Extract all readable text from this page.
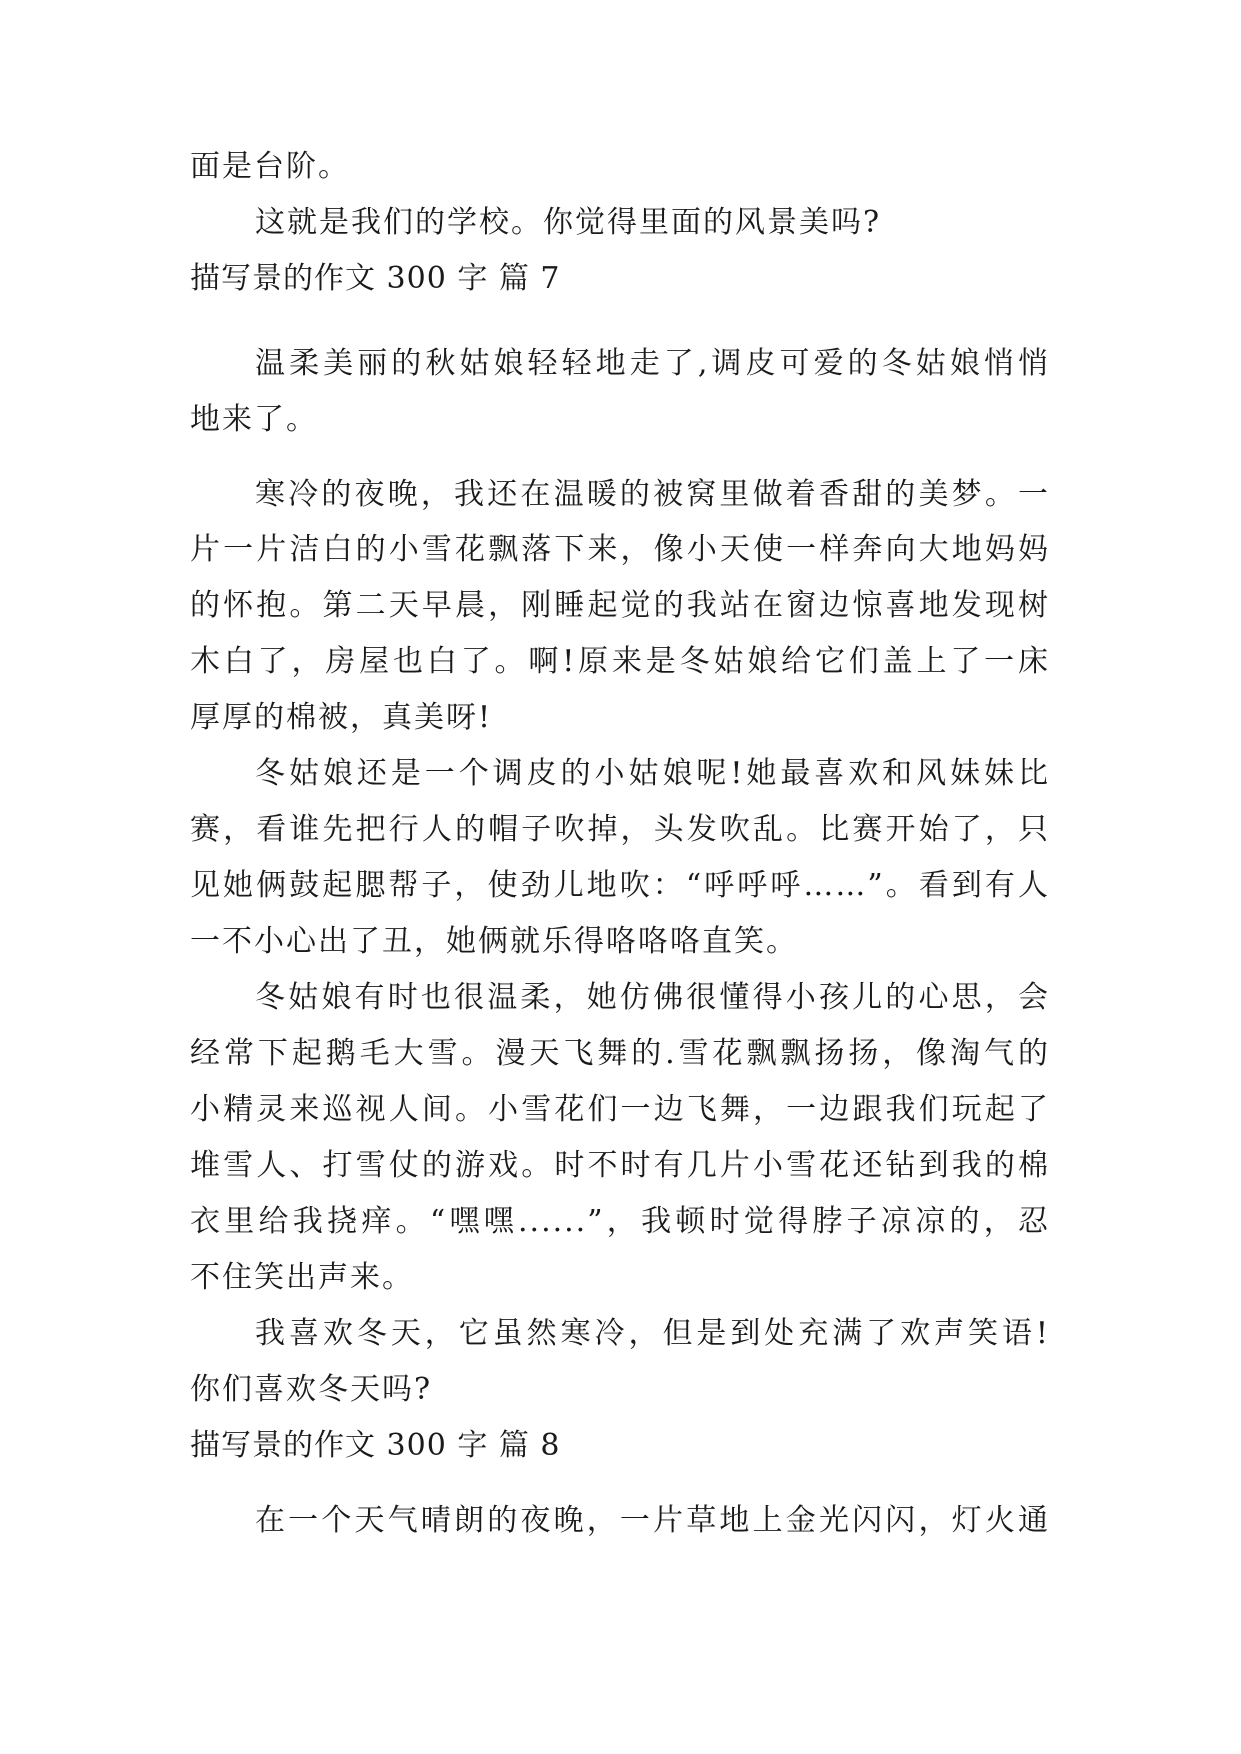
面是台阶。
这就是我们的学校。你觉得里面的风景美吗?
描写景的作文 300 字 篇 7
温柔美丽的秋姑娘轻轻地走了,调皮可爱的冬姑娘悄悄
地来了。
寒冷的夜晚，我还在温暖的被窝里做着香甜的美梦。一
片一片洁白的小雪花飘落下来，像小天使一样奔向大地妈妈
的怀抱。第二天早晨，刚睡起觉的我站在窗边惊喜地发现树
木白了，房屋也白了。啊!原来是冬姑娘给它们盖上了一床
厚厚的棉被，真美呀!
冬姑娘还是一个调皮的小姑娘呢!她最喜欢和风妹妹比
赛，看谁先把行人的帽子吹掉，头发吹乱。比赛开始了，只
见她俩鼓起腮帮子，使劲儿地吹：“呼呼呼……”。看到有人
一不小心出了丑，她俩就乐得咯咯咯直笑。
冬姑娘有时也很温柔，她仿佛很懂得小孩儿的心思，会
经常下起鹅毛大雪。漫天飞舞的.雪花飘飘扬扬，像淘气的
小精灵来巡视人间。小雪花们一边飞舞，一边跟我们玩起了
堆雪人、打雪仗的游戏。时不时有几片小雪花还钻到我的棉
衣里给我挠痒。“嘿嘿......”，我顿时觉得脖子凉凉的，忍
不住笑出声来。
我喜欢冬天，它虽然寒冷，但是到处充满了欢声笑语!
你们喜欢冬天吗?
描写景的作文 300 字 篇 8
在一个天气晴朗的夜晚，一片草地上金光闪闪，灯火通
